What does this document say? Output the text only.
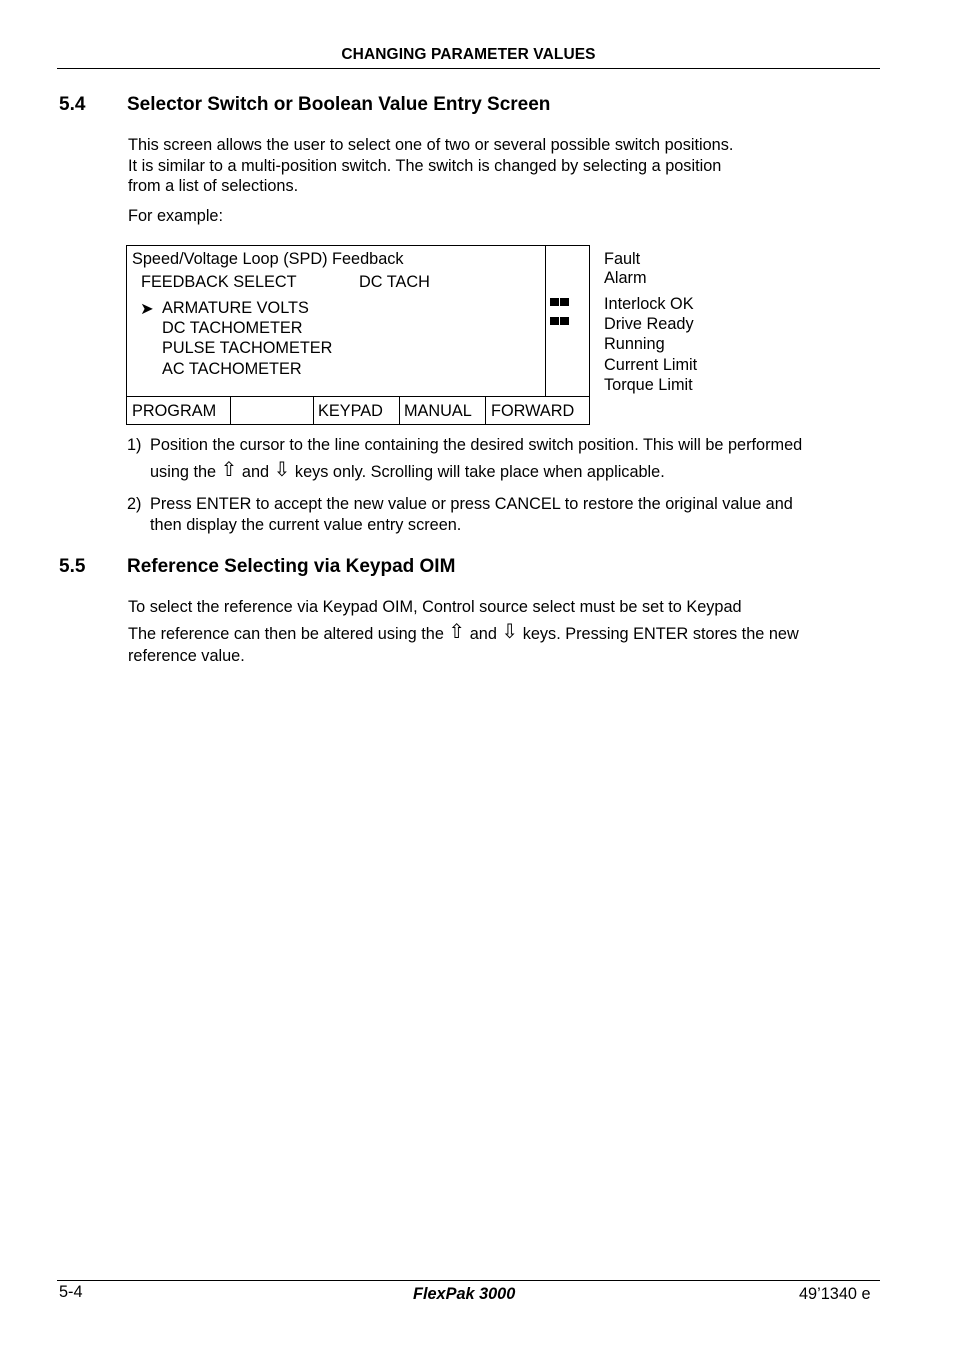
CHANGING PARAMETER VALUES
5.4 Selector Switch or Boolean Value Entry Screen

This screen allows the user to select one of two or several possible switch positions.

It is similar to a multi-position switch. The switch is changed by selecting a position

from a list of selections.

For example:
Speed/Voltage Loop (SPD) Feedback
FEEDBACK SELECT	DC TACH
➤ ARMATURE VOLTS
DC TACHOMETER
PULSE TACHOMETER
AC TACHOMETER
PROGRAM	KEYPAD MANUAL FORWARD
Fault
Alarm
Interlock OK
Drive Ready
Running
Current Limit
Torque Limit
1) Position the cursor to the line containing the desired switch position. This will be performed
using the ⇧ and ⇩ keys only. Scrolling will take place when applicable.
2) Press ENTER to accept the new value or press CANCEL to restore the original value and
then display the current value entry screen.
5.5 Reference Selecting via Keypad OIM
To select the reference via Keypad OIM, Control source select must be set to Keypad
The reference can then be altered using the ⇧ and ⇩ keys. Pressing ENTER stores the new
reference value.
5-4	FlexPak 3000	49’1340 e
